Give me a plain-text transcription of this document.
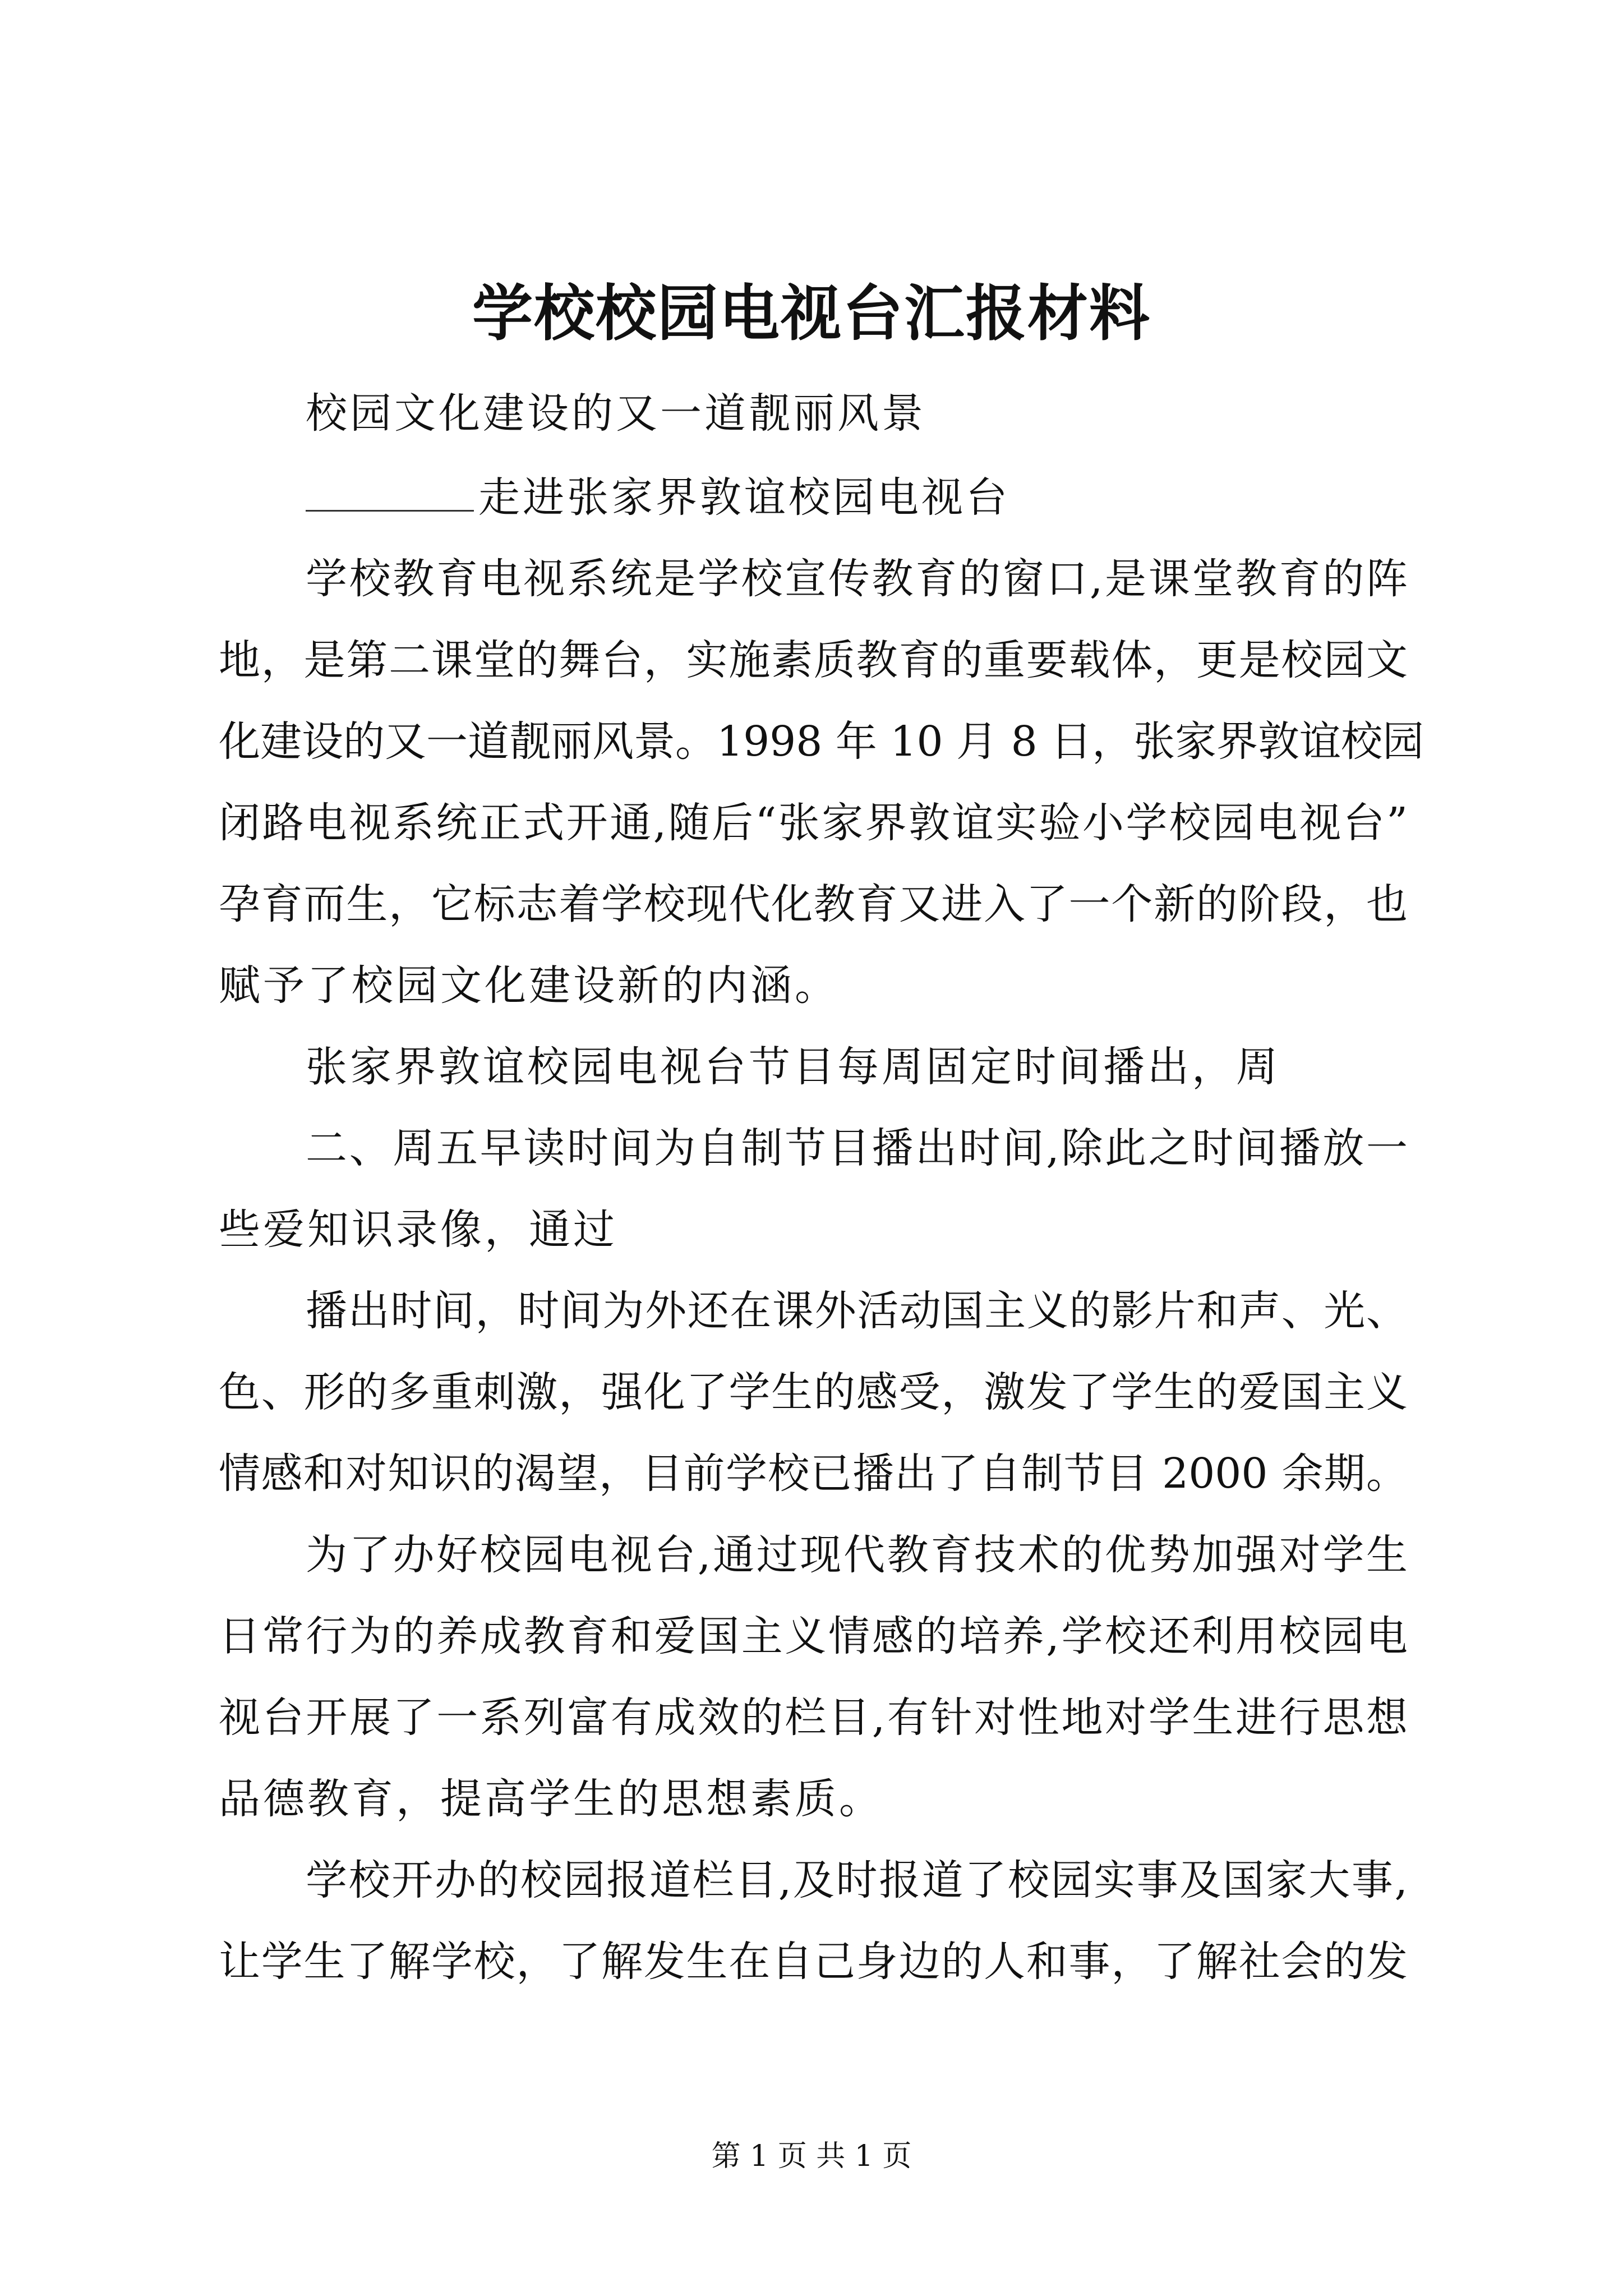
学校校园电视台汇报材料
校园文化建设的又一道靓丽风景
走进张家界敦谊校园电视台
学校教育电视系统是学校宣传教育的窗口,是课堂教育的阵
地，是第二课堂的舞台，实施素质教育的重要载体，更是校园文
化建设的又一道靓丽风景。1998 年 10 月 8 日，张家界敦谊校园
闭路电视系统正式开通,随后“张家界敦谊实验小学校园电视台”
孕育而生，它标志着学校现代化教育又进入了一个新的阶段，也
赋予了校园文化建设新的内涵。
张家界敦谊校园电视台节目每周固定时间播出，周
二、周五早读时间为自制节目播出时间,除此之时间播放一
些爱知识录像，通过
播出时间，时间为外还在课外活动国主义的影片和声、光、
色、形的多重刺激，强化了学生的感受，激发了学生的爱国主义
情感和对知识的渴望，目前学校已播出了自制节目 2000 余期。
为了办好校园电视台,通过现代教育技术的优势加强对学生
日常行为的养成教育和爱国主义情感的培养,学校还利用校园电
视台开展了一系列富有成效的栏目,有针对性地对学生进行思想
品德教育，提高学生的思想素质。
学校开办的校园报道栏目,及时报道了校园实事及国家大事,
让学生了解学校，了解发生在自己身边的人和事，了解社会的发
第 1 页 共 1 页
